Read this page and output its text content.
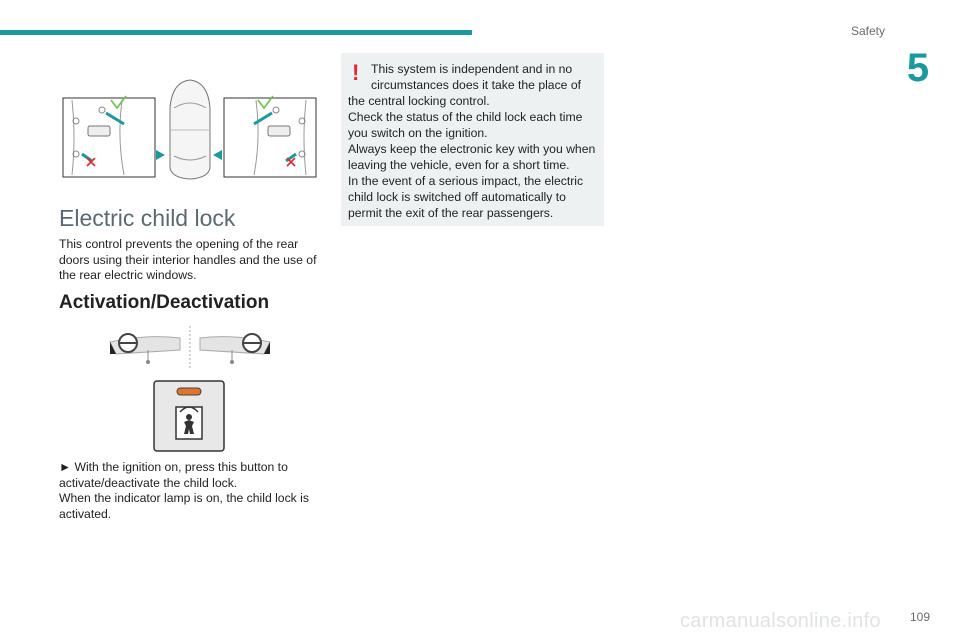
Safety
5
Electric child lock

This control prevents the opening of the rear doors using their interior handles and the use of the rear electric windows.

Activation/Deactivation

► With the ignition on, press this button to activate/deactivate the child lock.
When the indicator lamp is on, the child lock is activated.

! This system is independent and in no circumstances does it take the place of
the central locking control.
Check the status of the child lock each time you switch on the ignition.
Always keep the electronic key with you when leaving the vehicle, even for a short time.
In the event of a serious impact, the electric child lock is switched off automatically to permit the exit of the rear passengers.

carmanualsonline.info 109
